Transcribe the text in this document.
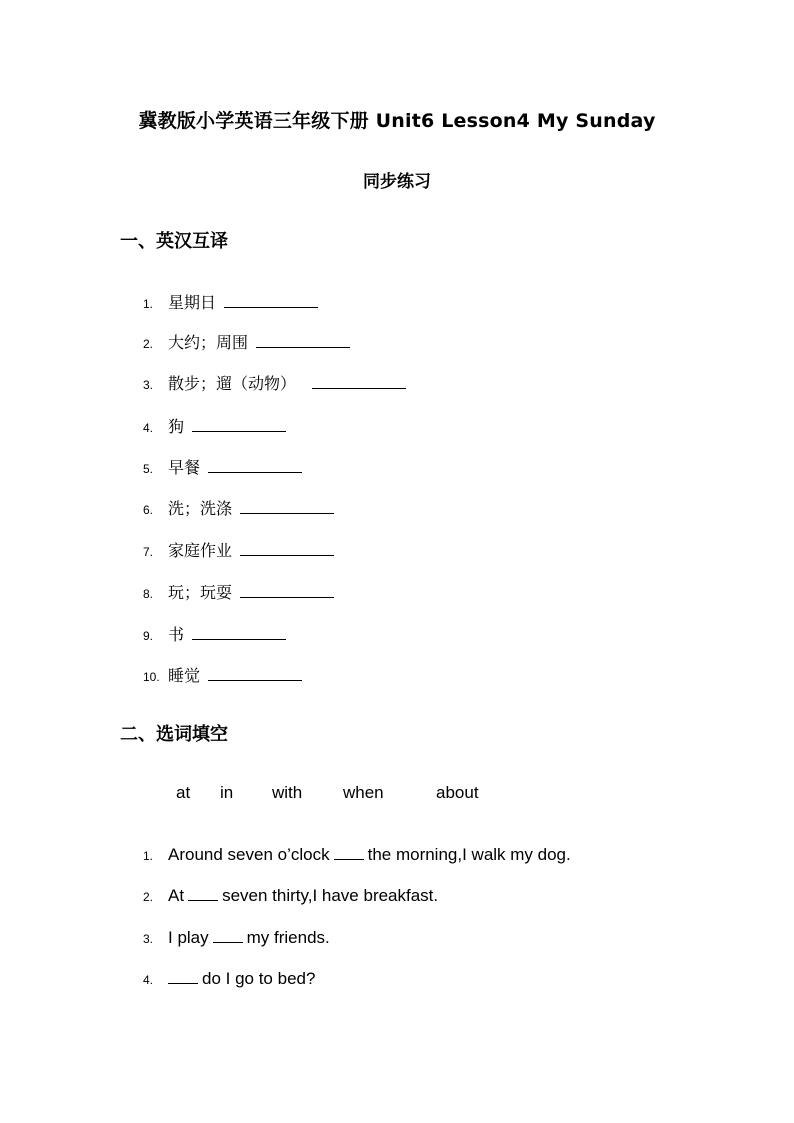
冀教版小学英语三年级下册 Unit6 Lesson4 My Sunday
同步练习
一、英汉互译
1. 星期日
2. 大约；周围
3. 散步；遛（动物）
4. 狗
5. 早餐
6. 洗；洗涤
7. 家庭作业
8. 玩；玩耍
9. 书
10. 睡觉
二、选词填空
at in with when	about
1. Around seven o’clock the morning,I walk my dog.
2. At seven thirty,I have breakfast.
3. I play my friends.
4.	do I go to bed?
